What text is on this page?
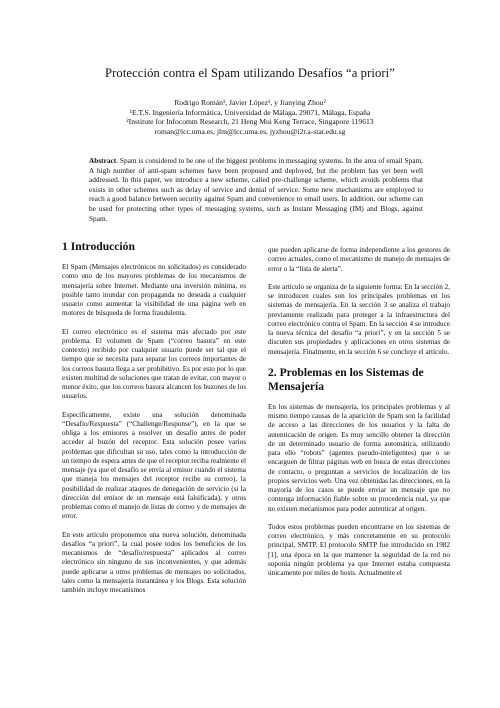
Protección contra el Spam utilizando Desafíos “a priori”
Rodrigo Román¹, Javier López¹, y Jianying Zhou²
¹E.T.S. Ingeniería Informática, Universidad de Málaga, 29071, Málaga, España
²Institute for Infocomm Research, 21 Heng Mui Keng Terrace, Singapore 119613
roman@lcc.uma.es, jlm@lcc.uma.es, jyzhou@i2r.a-star.edu.sg
Abstract. Spam is considered to be one of the biggest problems in messaging systems. In the area of email Spam, A high number of anti-spam schemes have been proposed and deployed, but the problem has yet been well addressed. In this paper, we introduce a new scheme, called pre-challenge scheme, which avoids problems that exists in other schemes such as delay of service and denial of service. Some new mechanisms are employed to reach a good balance between security against Spam and convenience to email users. In addition, our scheme can be used for protecting other types of messaging systems, such as Instant Messaging (IM) and Blogs, against Spam.
1 Introducción

El Spam (Mensajes electrónicos no solicitados) es considerado como uno de los mayores problemas de los mecanismos de mensajería sobre Internet. Mediante una inversión mínima, es posible tanto inundar con propaganda no deseada a cualquier usuario como aumentar la visibilidad de una página web en motores de búsqueda de forma fraudulenta.

El correo electrónico es el sistema más afectado por este problema. El volumen de Spam (“correo basura” en este contexto) recibido por cualquier usuario puede ser tal que el tiempo que se necesita para separar los correos importantes de los correos basura llega a ser prohibitivo. Es por esto por lo que existen multitud de soluciones que tratan de evitar, con mayor o menor éxito, que los correos basura alcancen los buzones de los usuarios.

Específicamente, existe una solución denominada “Desafío/Respuesta” (“Challenge/Response”), en la que se obliga a los emisores a resolver un desafío antes de poder acceder al buzón del receptor. Esta solución posee varios problemas que dificultan su uso, tales como la introducción de un tiempo de espera antes de que el receptor reciba realmente el mensaje (ya que el desafío se envía al emisor cuando el sistema que maneja los mensajes del receptor recibe su correo), la posibilidad de realizar ataques de denegación de servicio (si la dirección del emisor de un mensaje está falsificada), y otros problemas como el manejo de listas de correo y de mensajes de error.

En este artículo proponemos una nueva solución, denominada desafíos “a priori”, la cual posee todos los beneficios de los mecanismos de “desafío/respuesta” aplicados al correo electrónico sin ninguno de sus inconvenientes, y que además puede aplicarse a otros problemas de mensajes no solicitados, tales como la mensajería instantánea y los Blogs. Esta solución también incluye mecanismos

que pueden aplicarse de forma independiente a los gestores de correo actuales, como el mecanismo de manejo de mensajes de error o la “lista de alerta”.

Este artículo se organiza de la siguiente forma: En la sección 2, se introducen cuales son los principales problemas en los sistemas de mensajería. En la sección 3 se analiza el trabajo previamente realizado para proteger a la infraestructura del correo electrónico contra el Spam. En la sección 4 se introduce la nueva técnica del desafío “a priori”, y en la sección 5 se discuten sus propiedades y aplicaciones en otros sistemas de mensajería. Finalmente, en la sección 6 se concluye el artículo.

2. Problemas en los Sistemas de Mensajería

En los sistemas de mensajería, los principales problemas y al mismo tiempo causas de la aparición de Spam son la facilidad de acceso a las direcciones de los usuarios y la falta de autenticación de origen. Es muy sencillo obtener la dirección de un determinado usuario de forma automática, utilizando para ello “robots” (agentes pseudo-inteligentes) que o se encarguen de filtrar páginas web en busca de estas direcciones de contacto, o preguntan a servicios de localización de los propios servicios web. Una vez obtenidas las direcciones, en la mayoría de los casos se puede enviar un mensaje que no contenga información fiable sobre su procedencia real, ya que no existen mecanismos para poder autenticar al origen.

Todos estos problemas pueden encontrarse en los sistemas de correo electrónico, y más concretamente en su protocolo principal, SMTP. El protocolo SMTP fue introducido en 1982 [1], una época en la que mantener la seguridad de la red no suponía ningún problema ya que Internet estaba compuesta únicamente por miles de hosts. Actualmente el
